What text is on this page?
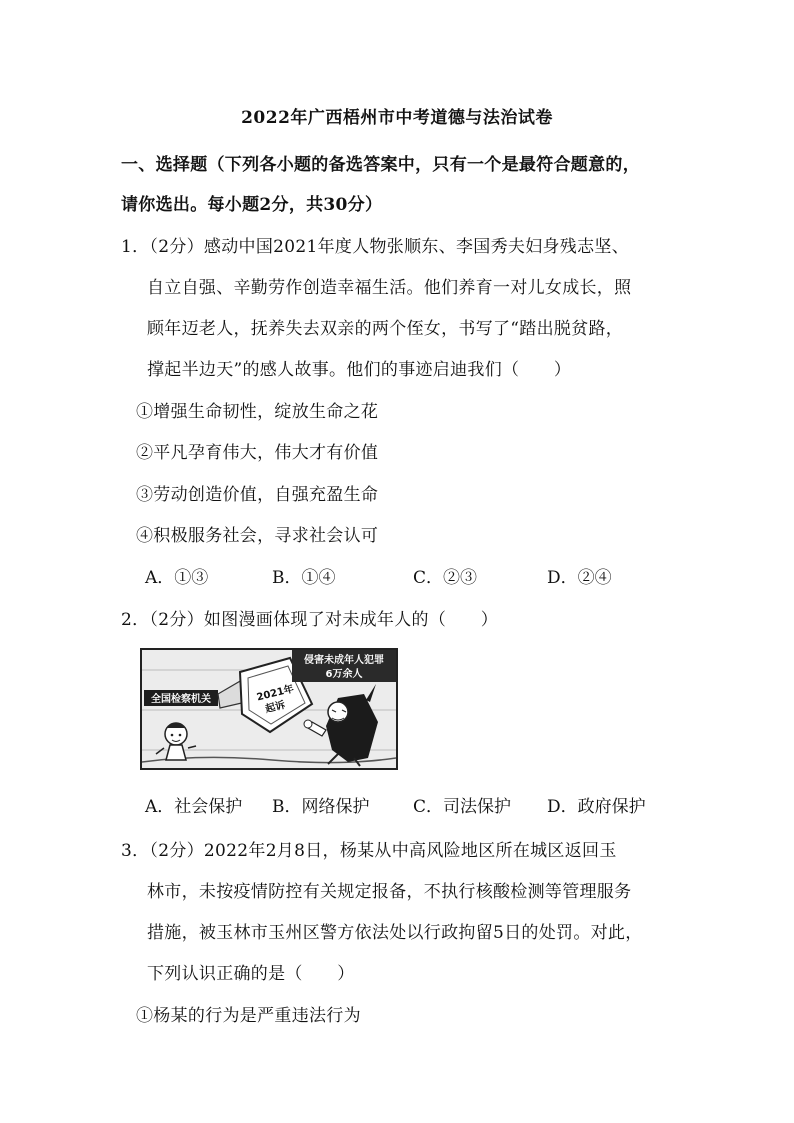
2022年广西梧州市中考道德与法治试卷
一、选择题（下列各小题的备选答案中，只有一个是最符合题意的，
请你选出。每小题2分，共30分）
1．（2分）感动中国2021年度人物张顺东、李国秀夫妇身残志坚、
自立自强、辛勤劳作创造幸福生活。他们养育一对儿女成长，照
顾年迈老人，抚养失去双亲的两个侄女，书写了“踏出脱贫路，
撑起半边天”的感人故事。他们的事迹启迪我们（　　）
①增强生命韧性，绽放生命之花
②平凡孕育伟大，伟大才有价值
③劳动创造价值，自强充盈生命
④积极服务社会，寻求社会认可
A．①③	B．①④	C．②③	D．②④
2．（2分）如图漫画体现了对未成年人的（　　）
全国检察机关	2021年
起诉
侵害未成年人犯罪
6万余人
A．社会保护 B．网络保护	C．司法保护 D．政府保护
3．（2分）2022年2月8日，杨某从中高风险地区所在城区返回玉
林市，未按疫情防控有关规定报备，不执行核酸检测等管理服务
措施，被玉林市玉州区警方依法处以行政拘留5日的处罚。对此，
下列认识正确的是（　　）
①杨某的行为是严重违法行为
